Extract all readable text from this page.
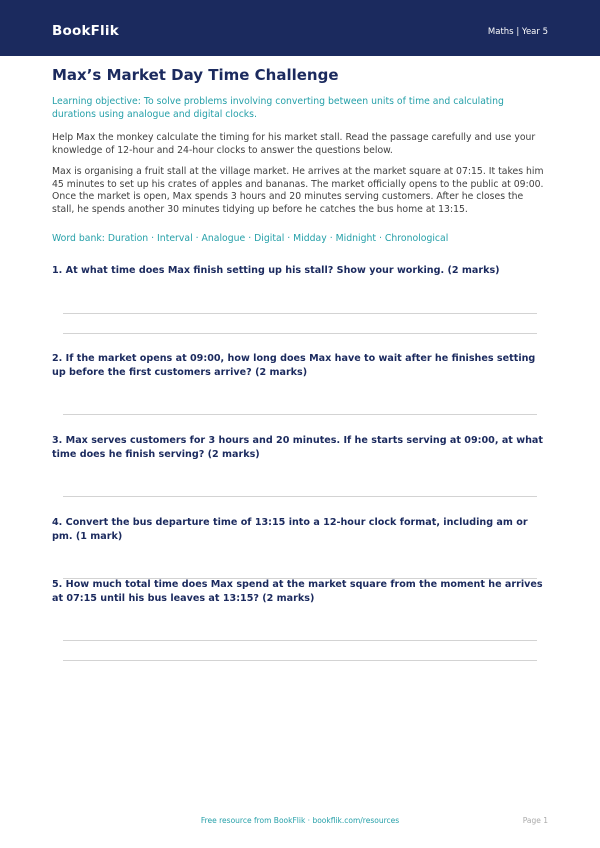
BookFlik	Maths | Year 5
Max’s Market Day Time Challenge
Learning objective: To solve problems involving converting between units of time and calculating durations using analogue and digital clocks.
Help Max the monkey calculate the timing for his market stall. Read the passage carefully and use your knowledge of 12-hour and 24-hour clocks to answer the questions below.
Max is organising a fruit stall at the village market. He arrives at the market square at 07:15. It takes him 45 minutes to set up his crates of apples and bananas. The market officially opens to the public at 09:00. Once the market is open, Max spends 3 hours and 20 minutes serving customers. After he closes the stall, he spends another 30 minutes tidying up before he catches the bus home at 13:15.
Word bank: Duration · Interval · Analogue · Digital · Midday · Midnight · Chronological
1. At what time does Max finish setting up his stall? Show your working. (2 marks)
2. If the market opens at 09:00, how long does Max have to wait after he finishes setting up before the first customers arrive? (2 marks)
3. Max serves customers for 3 hours and 20 minutes. If he starts serving at 09:00, at what time does he finish serving? (2 marks)
4. Convert the bus departure time of 13:15 into a 12-hour clock format, including am or pm. (1 mark)
5. How much total time does Max spend at the market square from the moment he arrives at 07:15 until his bus leaves at 13:15? (2 marks)
Free resource from BookFlik · bookflik.com/resources	Page 1
